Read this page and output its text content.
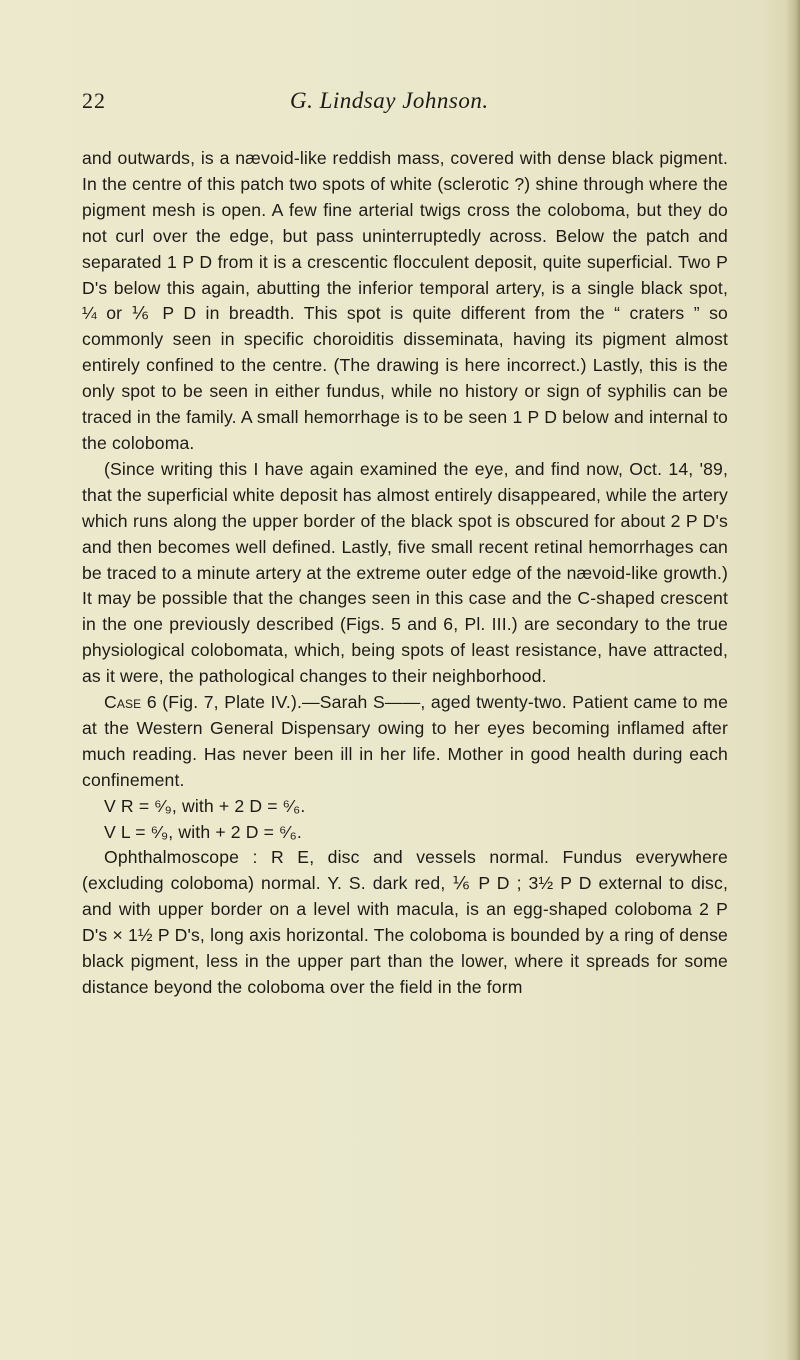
22	G. Lindsay Johnson.

and outwards, is a nævoid-like reddish mass, covered with dense black pigment. In the centre of this patch two spots of white (sclerotic ?) shine through where the pigment mesh is open. A few fine arterial twigs cross the coloboma, but they do not curl over the edge, but pass uninterruptedly across. Below the patch and separated 1 P D from it is a crescentic flocculent deposit, quite superficial. Two P D's below this again, abutting the inferior temporal artery, is a single black spot, ¼ or ⅙ P D in breadth. This spot is quite different from the “ craters ” so commonly seen in specific choroiditis disseminata, having its pigment almost entirely confined to the centre. (The drawing is here incorrect.) Lastly, this is the only spot to be seen in either fundus, while no history or sign of syphilis can be traced in the family. A small hemorrhage is to be seen 1 P D below and internal to the coloboma.

(Since writing this I have again examined the eye, and find now, Oct. 14, '89, that the superficial white deposit has almost entirely disappeared, while the artery which runs along the upper border of the black spot is obscured for about 2 P D's and then becomes well defined. Lastly, five small recent retinal hemorrhages can be traced to a minute artery at the extreme outer edge of the nævoid-like growth.) It may be possible that the changes seen in this case and the C-shaped crescent in the one previously described (Figs. 5 and 6, Pl. III.) are secondary to the true physiological colobomata, which, being spots of least resistance, have attracted, as it were, the pathological changes to their neighborhood.

Case 6 (Fig. 7, Plate IV.).—Sarah S——, aged twenty-two. Patient came to me at the Western General Dispensary owing to her eyes becoming inflamed after much reading. Has never been ill in her life. Mother in good health during each confinement.

V R = ⁶⁄₉, with + 2 D = ⁶⁄₆.

V L = ⁶⁄₉, with + 2 D = ⁶⁄₆.

Ophthalmoscope : R E, disc and vessels normal. Fundus everywhere (excluding coloboma) normal. Y. S. dark red, ⅙ P D ; 3½ P D external to disc, and with upper border on a level with macula, is an egg-shaped coloboma 2 P D's × 1½ P D's, long axis horizontal. The coloboma is bounded by a ring of dense black pigment, less in the upper part than the lower, where it spreads for some distance beyond the coloboma over the field in the form
